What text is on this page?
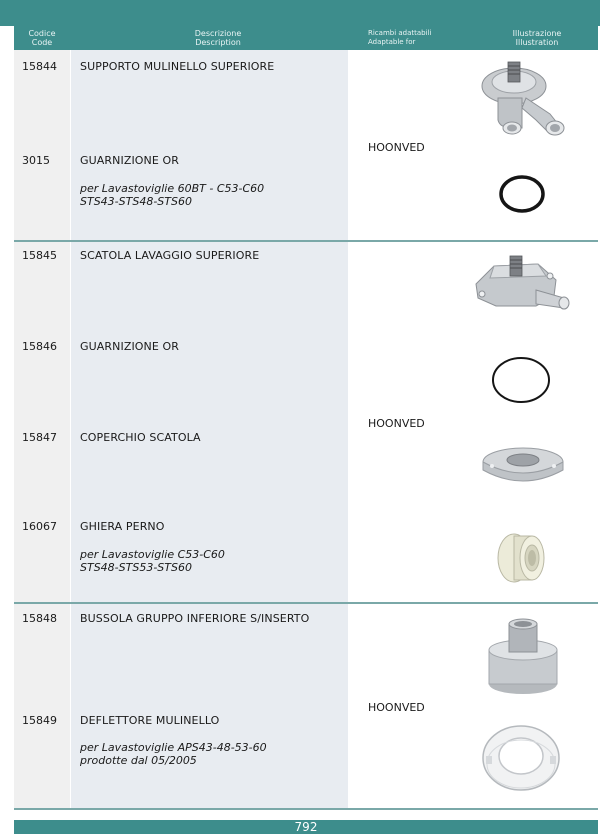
Codice
Code
Descrizione
Description
Ricambi adattabili
Adaptable for
Illustrazione
Illustration
15844 SUPPORTO MULINELLO SUPERIORE
HOONVED
3015	GUARNIZIONE OR
per Lavastoviglie 60BT - C53-C60
STS43-STS48-STS60
15845 SCATOLA LAVAGGIO SUPERIORE
15846 GUARNIZIONE OR
HOONVED
15847 COPERCHIO SCATOLA
16067 GHIERA PERNO
per Lavastoviglie C53-C60
STS48-STS53-STS60
15848 BUSSOLA GRUPPO INFERIORE S/INSERTO
HOONVED
15849 DEFLETTORE MULINELLO
per Lavastoviglie APS43-48-53-60
prodotte dal 05/2005
792
